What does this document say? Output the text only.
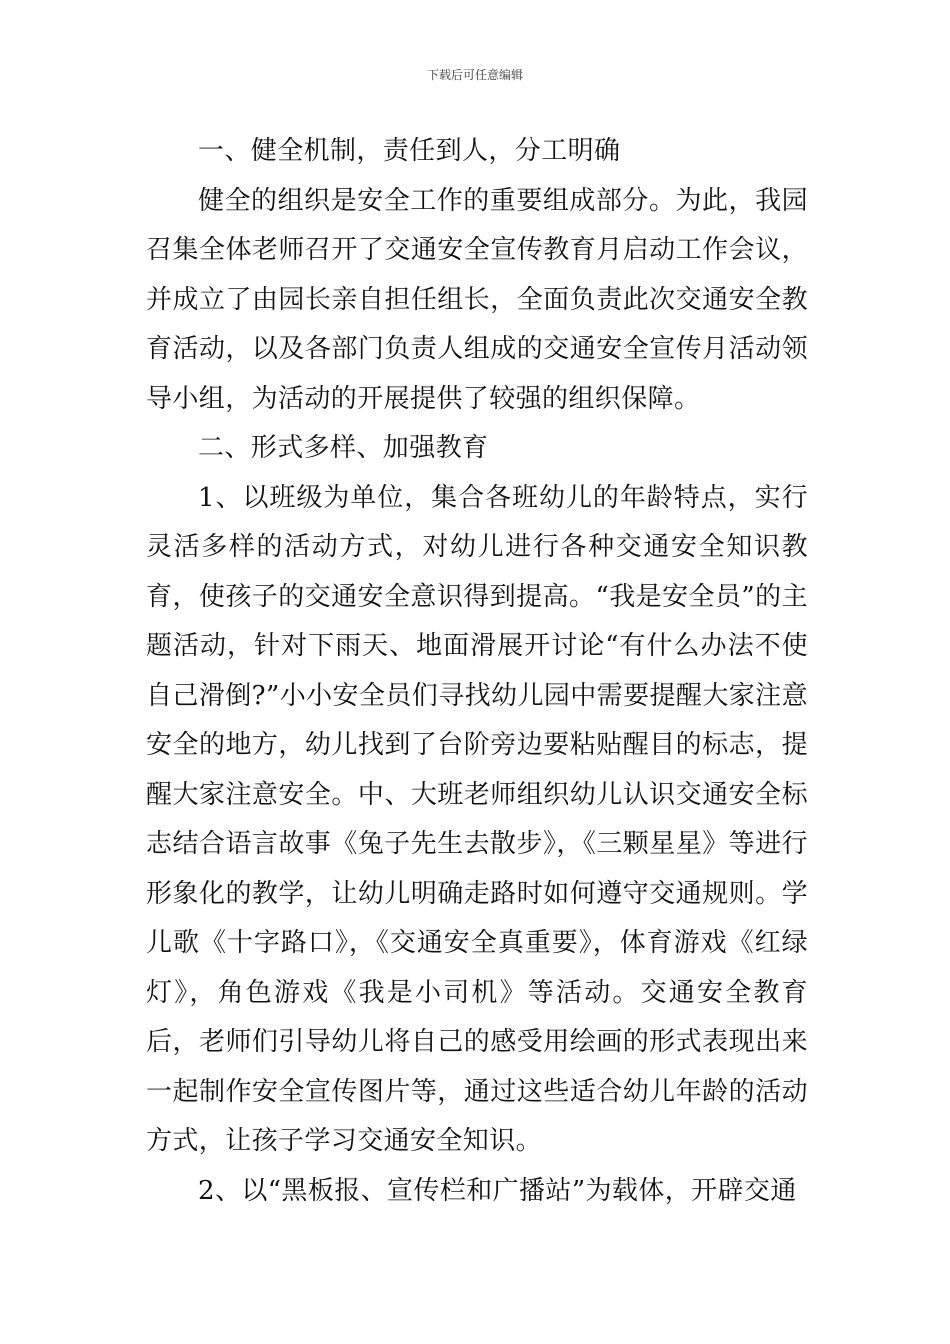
下载后可任意编辑

一、健全机制，责任到人，分工明确

健全的组织是安全工作的重要组成部分。为此，我园召集全体老师召开了交通安全宣传教育月启动工作会议，并成立了由园长亲自担任组长，全面负责此次交通安全教育活动，以及各部门负责人组成的交通安全宣传月活动领导小组，为活动的开展提供了较强的组织保障。

二、形式多样、加强教育

1、以班级为单位，集合各班幼儿的年龄特点，实行灵活多样的活动方式，对幼儿进行各种交通安全知识教育，使孩子的交通安全意识得到提高。“我是安全员”的主题活动，针对下雨天、地面滑展开讨论“有什么办法不使自己滑倒?”小小安全员们寻找幼儿园中需要提醒大家注意安全的地方，幼儿找到了台阶旁边要粘贴醒目的标志，提醒大家注意安全。中、大班老师组织幼儿认识交通安全标志结合语言故事《兔子先生去散步》，《三颗星星》等进行形象化的教学，让幼儿明确走路时如何遵守交通规则。学儿歌《十字路口》，《交通安全真重要》，体育游戏《红绿灯》，角色游戏《我是小司机》等活动。交通安全教育后，老师们引导幼儿将自己的感受用绘画的形式表现出来一起制作安全宣传图片等，通过这些适合幼儿年龄的活动方式，让孩子学习交通安全知识。

2、以“黑板报、宣传栏和广播站”为载体，开辟交通
